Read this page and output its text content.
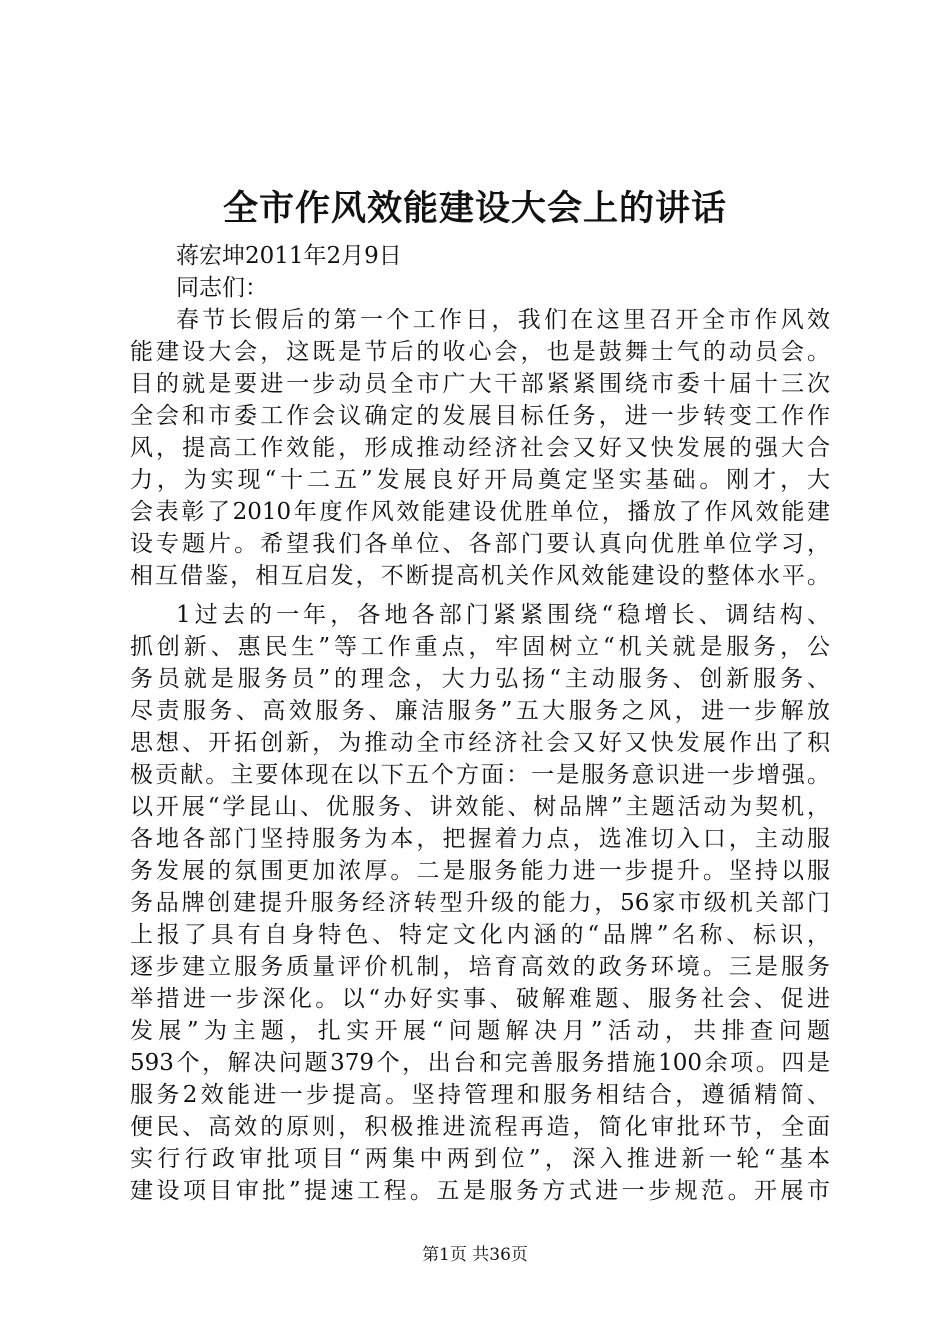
全市作风效能建设大会上的讲话

蒋宏坤2011年2月9日

同志们：

春节长假后的第一个工作日，我们在这里召开全市作风效
能建设大会，这既是节后的收心会，也是鼓舞士气的动员会。
目的就是要进一步动员全市广大干部紧紧围绕市委十届十三次
全会和市委工作会议确定的发展目标任务，进一步转变工作作
风，提高工作效能，形成推动经济社会又好又快发展的强大合
力，为实现“十二五”发展良好开局奠定坚实基础。刚才，大
会表彰了2010年度作风效能建设优胜单位，播放了作风效能建
设专题片。希望我们各单位、各部门要认真向优胜单位学习，
相互借鉴，相互启发，不断提高机关作风效能建设的整体水平。
1过去的一年，各地各部门紧紧围绕“稳增长、调结构、
抓创新、惠民生”等工作重点，牢固树立“机关就是服务，公
务员就是服务员”的理念，大力弘扬“主动服务、创新服务、
尽责服务、高效服务、廉洁服务”五大服务之风，进一步解放
思想、开拓创新，为推动全市经济社会又好又快发展作出了积
极贡献。主要体现在以下五个方面：一是服务意识进一步增强。
以开展“学昆山、优服务、讲效能、树品牌”主题活动为契机，
各地各部门坚持服务为本，把握着力点，选准切入口，主动服
务发展的氛围更加浓厚。二是服务能力进一步提升。坚持以服
务品牌创建提升服务经济转型升级的能力，56家市级机关部门
上报了具有自身特色、特定文化内涵的“品牌”名称、标识，
逐步建立服务质量评价机制，培育高效的政务环境。三是服务
举措进一步深化。以“办好实事、破解难题、服务社会、促进
发展”为主题，扎实开展“问题解决月”活动，共排查问题
593个，解决问题379个，出台和完善服务措施100余项。四是
服务2效能进一步提高。坚持管理和服务相结合，遵循精简、
便民、高效的原则，积极推进流程再造，简化审批环节，全面
实行行政审批项目“两集中两到位”，深入推进新一轮“基本
建设项目审批”提速工程。五是服务方式进一步规范。开展市

第1页 共36页
